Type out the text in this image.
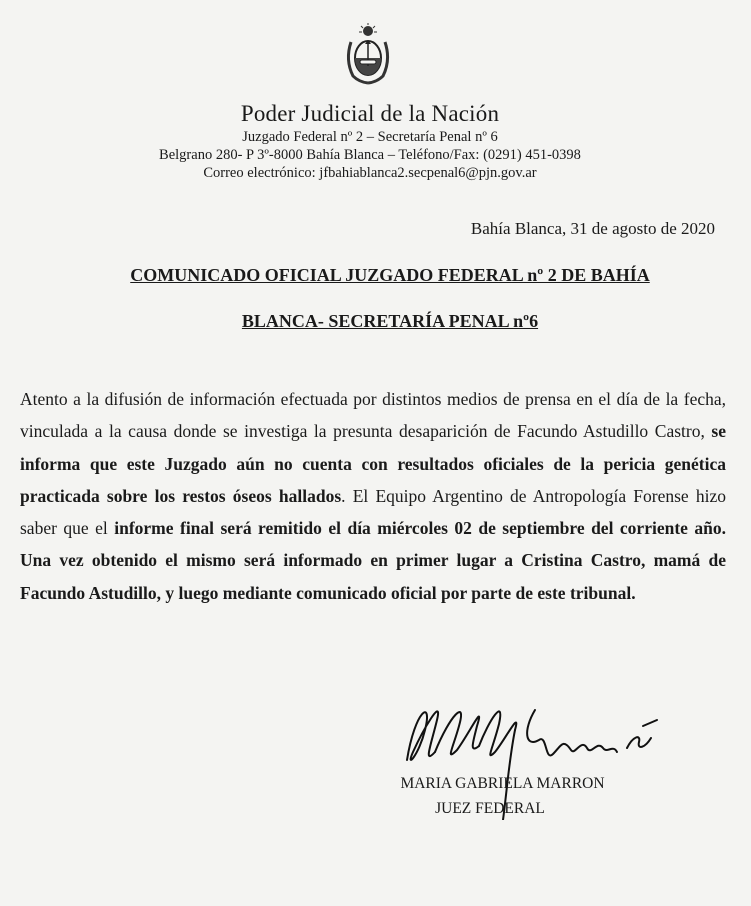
Poder Judicial de la Nación
Juzgado Federal nº 2 – Secretaría Penal nº 6
Belgrano 280- P 3º-8000 Bahía Blanca – Teléfono/Fax: (0291) 451-0398
Correo electrónico: jfbahiablanca2.secpenal6@pjn.gov.ar
Bahía Blanca, 31 de agosto de 2020
COMUNICADO OFICIAL JUZGADO FEDERAL nº 2 DE BAHÍA
BLANCA- SECRETARÍA PENAL nº6
Atento a la difusión de información efectuada por distintos medios de prensa en el día de la fecha, vinculada a la causa donde se investiga la presunta desaparición de Facundo Astudillo Castro, se informa que este Juzgado aún no cuenta con resultados oficiales de la pericia genética practicada sobre los restos óseos hallados. El Equipo Argentino de Antropología Forense hizo saber que el informe final será remitido el día miércoles 02 de septiembre del corriente año. Una vez obtenido el mismo será informado en primer lugar a Cristina Castro, mamá de Facundo Astudillo, y luego mediante comunicado oficial por parte de este tribunal.
MARIA GABRIELA MARRON
JUEZ FEDERAL
